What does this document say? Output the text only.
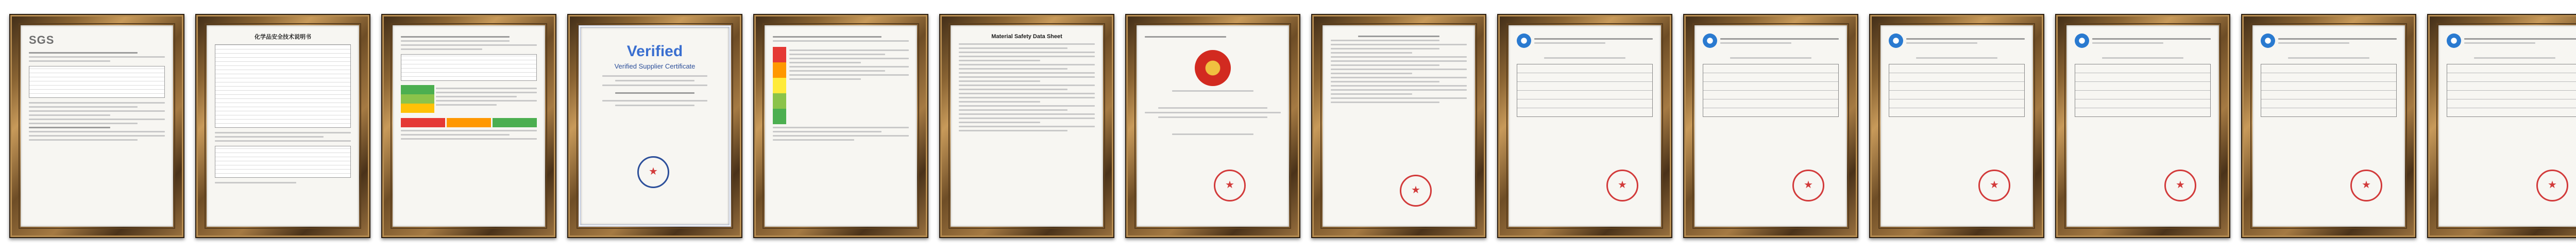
SGS	化学品安全技术说明书
Verified
Verified Supplier Certificate
★
Material Safety Data Sheet
★
★
★
★
★
★
★
★
